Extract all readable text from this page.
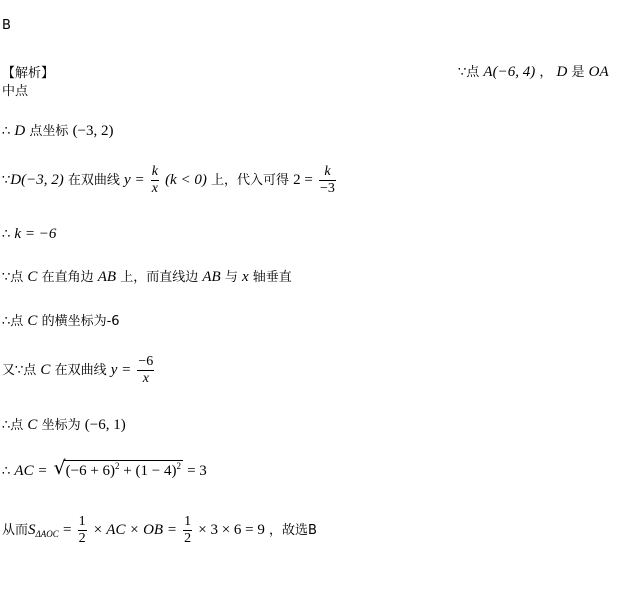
B
【解析】	∵点 A(−6, 4) ， D 是 OA
中点
∴ D 点坐标 (−3, 2)
∵D(−3, 2) 在双曲线 $y = \frac{k}{x} (k < 0)$ 上，代入可得 $2 = \frac{k}{-3}$
∴ k = −6
∵点 C 在直角边 AB 上，而直线边 AB 与 x 轴垂直
∴点 C 的横坐标为-6
又∵点 C 在双曲线 $y = \frac{-6}{x}$
∴点 C 坐标为 (−6, 1)
∴ AC = √ $(-6 + 6)^2 + (1 - 4)^2 = 3$
从而$S_{\Delta AOC} = \frac{1}{2}$ × AC × OB = $\frac{1}{2} \times 3 \times 6 = 9$ ，故选B
